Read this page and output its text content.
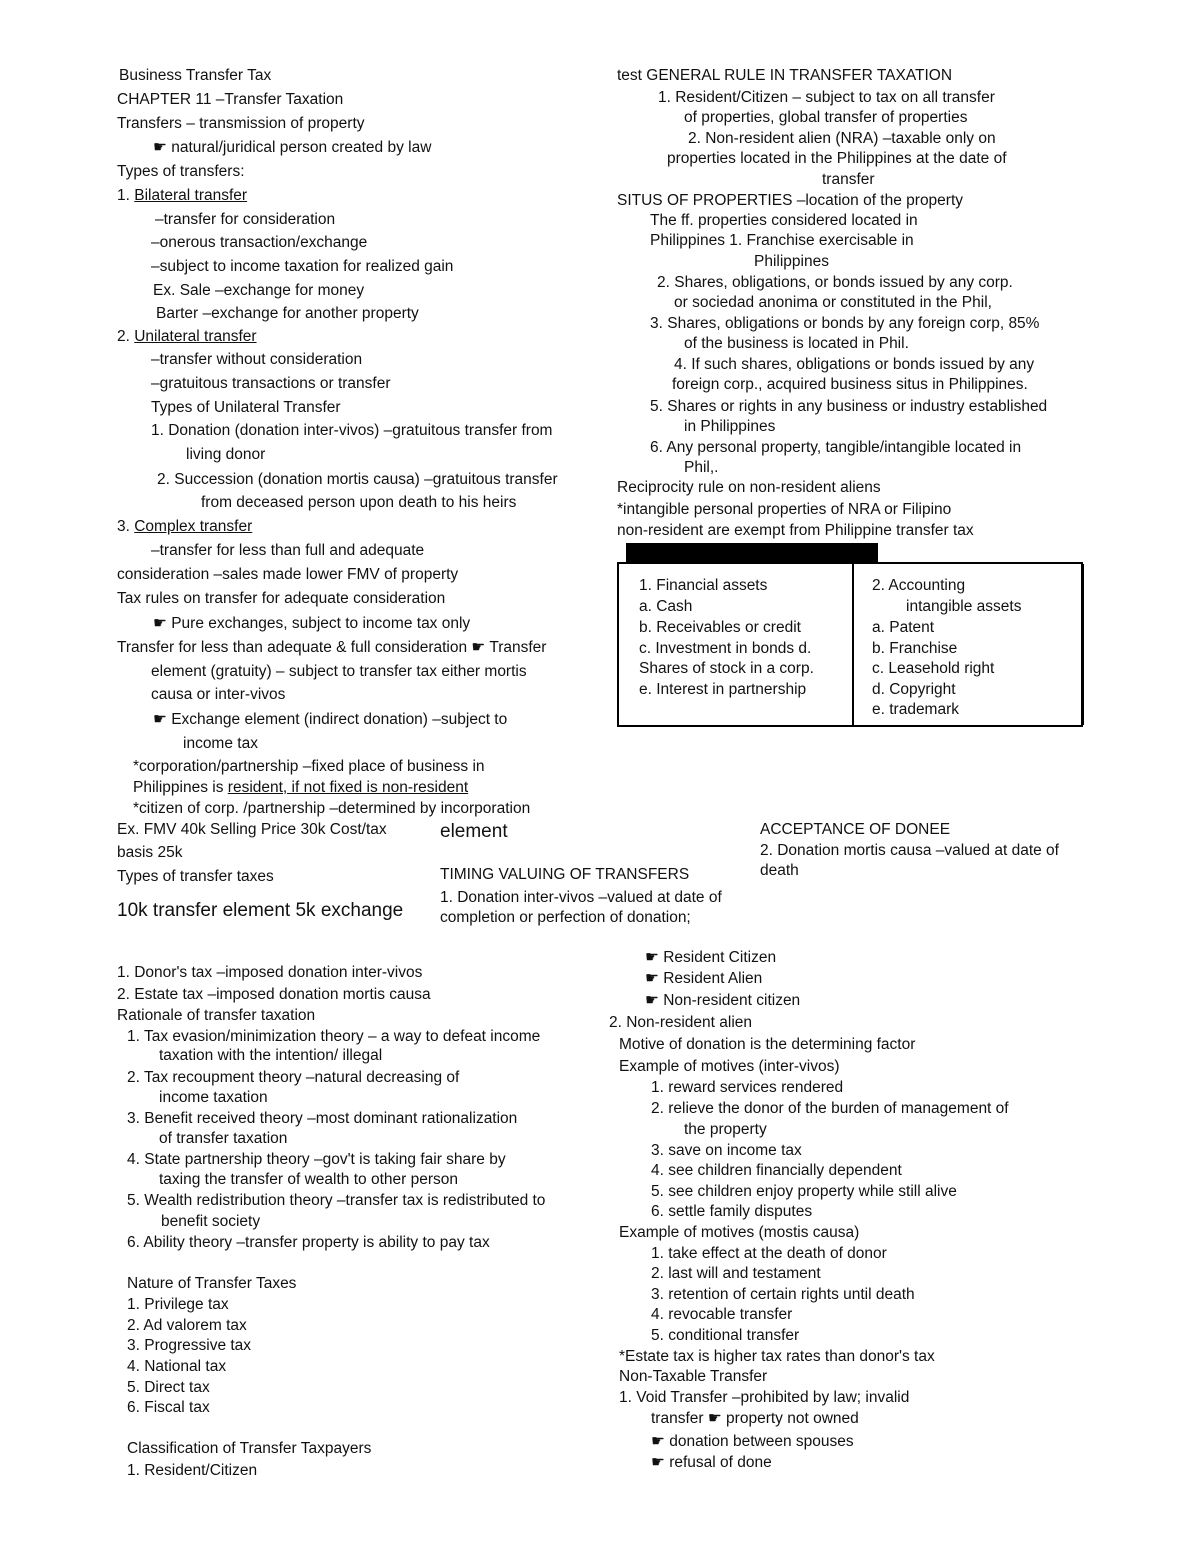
Business Transfer Tax
CHAPTER 11 –Transfer Taxation
Transfers – transmission of property
☛ natural/juridical person created by law
Types of transfers:
1. Bilateral transfer
–transfer for consideration
–onerous transaction/exchange
–subject to income taxation for realized gain
Ex. Sale –exchange for money
Barter –exchange for another property
2. Unilateral transfer
–transfer without consideration
–gratuitous transactions or transfer
Types of Unilateral Transfer
1. Donation (donation inter-vivos) –gratuitous transfer from
living donor
2. Succession (donation mortis causa) –gratuitous transfer
from deceased person upon death to his heirs
3. Complex transfer
–transfer for less than full and adequate
consideration –sales made lower FMV of property
Tax rules on transfer for adequate consideration
☛ Pure exchanges, subject to income tax only
Transfer for less than adequate & full consideration ☛ Transfer
element (gratuity) – subject to transfer tax either mortis
causa or inter-vivos
☛ Exchange element (indirect donation) –subject to
income tax
*corporation/partnership –fixed place of business in
Philippines is resident, if not fixed is non-resident
*citizen of corp. /partnership –determined by incorporation
Ex. FMV 40k Selling Price 30k Cost/tax
basis 25k
Types of transfer taxes
10k transfer element 5k exchange
element
TIMING VALUING OF TRANSFERS
1. Donation inter-vivos –valued at date of
completion or perfection of donation;
test GENERAL RULE IN TRANSFER TAXATION
1. Resident/Citizen – subject to tax on all transfer
of properties, global transfer of properties
2. Non-resident alien (NRA) –taxable only on
properties located in the Philippines at the date of
transfer
SITUS OF PROPERTIES –location of the property
The ff. properties considered located in
Philippines 1. Franchise exercisable in
Philippines
2. Shares, obligations, or bonds issued by any corp.
or sociedad anonima or constituted in the Phil,
3. Shares, obligations or bonds by any foreign corp, 85%
of the business is located in Phil.
4. If such shares, obligations or bonds issued by any
foreign corp., acquired business situs in Philippines.
5. Shares or rights in any business or industry established
in Philippines
6. Any personal property, tangible/intangible located in
Phil,.
Reciprocity rule on non-resident aliens
*intangible personal properties of NRA or Filipino
non-resident are exempt from Philippine transfer tax
1. Financial assets
a. Cash
b. Receivables or credit
c. Investment in bonds d.
Shares of stock in a corp.
e. Interest in partnership
2. Accounting
intangible assets
a. Patent
b. Franchise
c. Leasehold right
d. Copyright
e. trademark
ACCEPTANCE OF DONEE
2. Donation mortis causa –valued at date of
death
1. Donor's tax –imposed donation inter-vivos
2. Estate tax –imposed donation mortis causa
Rationale of transfer taxation
1. Tax evasion/minimization theory – a way to defeat income
taxation with the intention/ illegal
2. Tax recoupment theory –natural decreasing of
income taxation
3. Benefit received theory –most dominant rationalization
of transfer taxation
4. State partnership theory –gov't is taking fair share by
taxing the transfer of wealth to other person
5. Wealth redistribution theory –transfer tax is redistributed to
benefit society
6. Ability theory –transfer property is ability to pay tax
Nature of Transfer Taxes
1. Privilege tax
2. Ad valorem tax
3. Progressive tax
4. National tax
5. Direct tax
6. Fiscal tax
Classification of Transfer Taxpayers
1. Resident/Citizen
☛ Resident Citizen
☛ Resident Alien
☛ Non-resident citizen
2. Non-resident alien
Motive of donation is the determining factor
Example of motives (inter-vivos)
1. reward services rendered
2. relieve the donor of the burden of management of
the property
3. save on income tax
4. see children financially dependent
5. see children enjoy property while still alive
6. settle family disputes
Example of motives (mostis causa)
1. take effect at the death of donor
2. last will and testament
3. retention of certain rights until death
4. revocable transfer
5. conditional transfer
*Estate tax is higher tax rates than donor's tax
Non-Taxable Transfer
1. Void Transfer –prohibited by law; invalid
transfer ☛ property not owned
☛ donation between spouses
☛ refusal of done
